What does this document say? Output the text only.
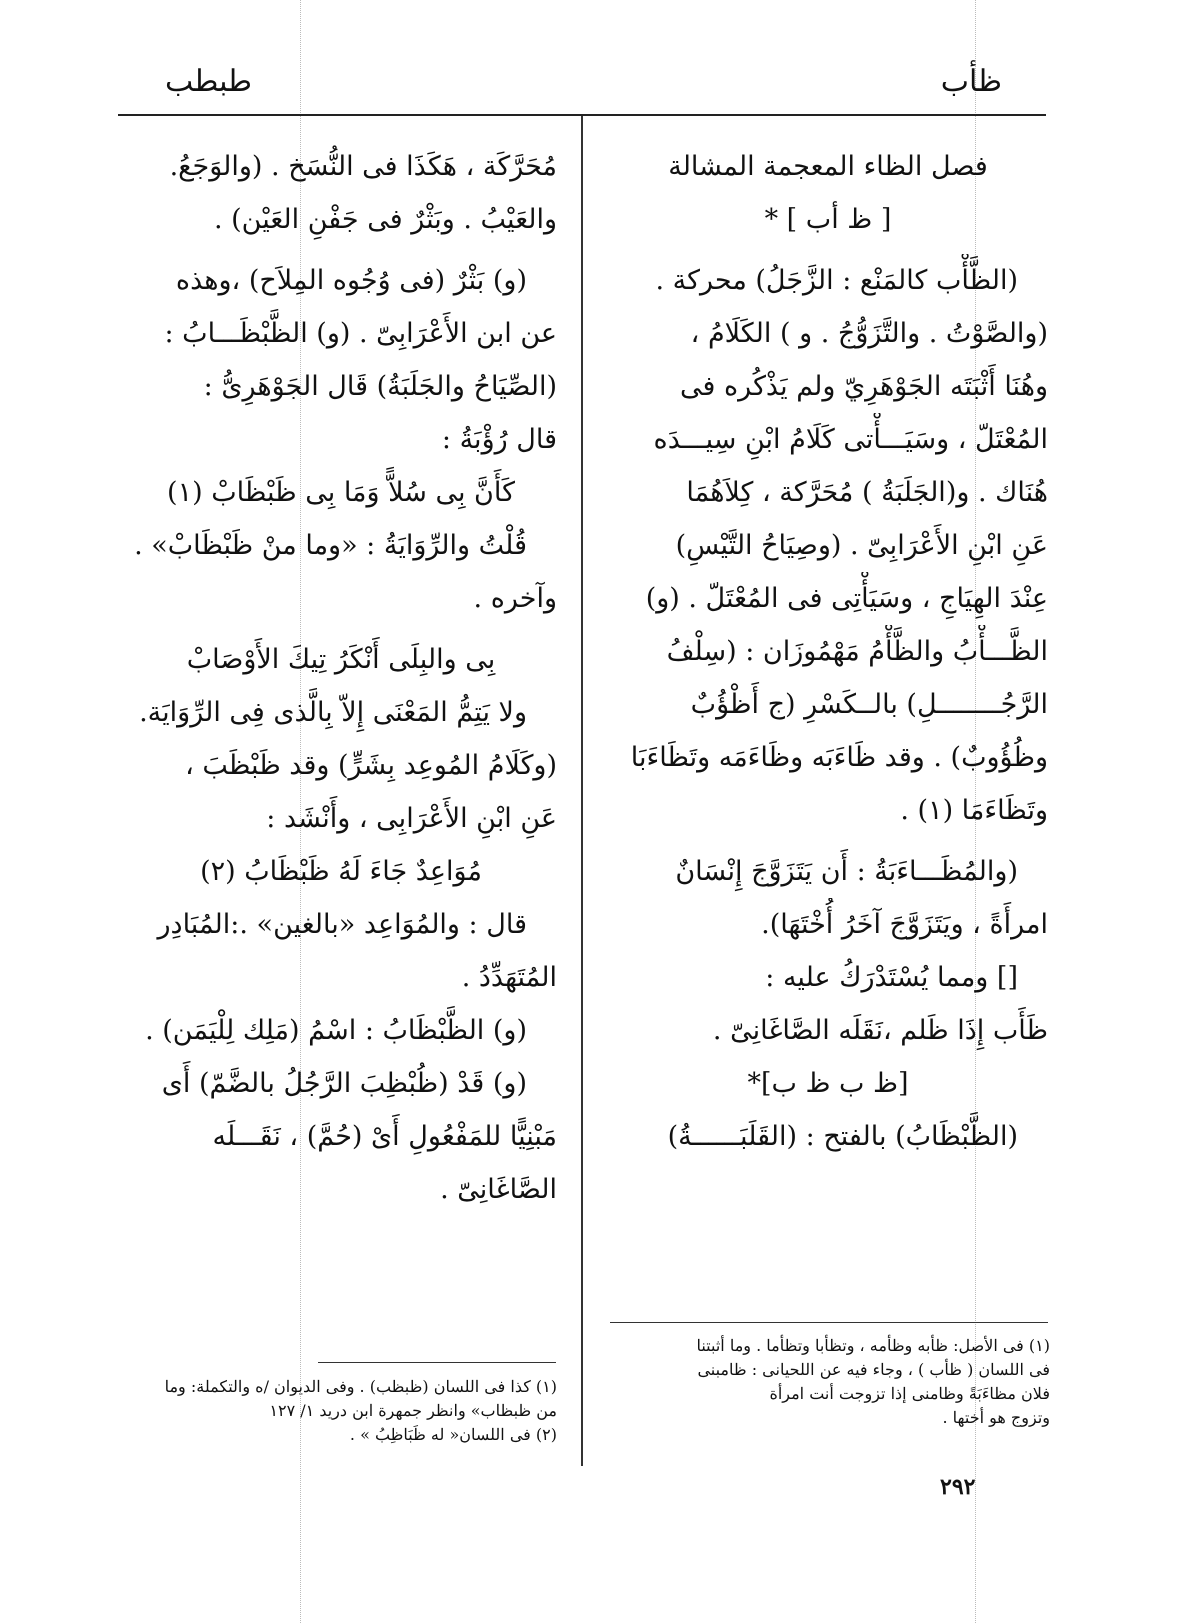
ظأب
طبطب
فصل الظاء المعجمة المشالة
[ ظ أب ] ‍‍‍‍‍‍‍‍‍*
(الظَّأْب كالمَنْع : الزَّجَلُ) محركة .
(والصَّوْتُ . والتَّزَوُّجُ . و ) الكَلَامُ ،
وهُنَا أَثْبَتَه الجَوْهَرِيّ ولم يَذْكُره فى
المُعْتَلّ ، وسَيَـــأْتى كَلَامُ ابْنِ سِيـــدَه
هُنَاك . و(الجَلَبَةُ ) مُحَرَّكة ، كِلاَهُمَا
عَنِ ابْنِ الأَعْرَابِىّ . (وصِيَاحُ التَّيْسِ)
عِنْدَ الهِيَاجِ ، وسَيَأْتِى فى المُعْتَلّ . (و)
الظَّـــأْبُ والظَّأْمُ مَهْمُوزَان : (سِلْفُ
الرَّجُــــــــلِ) بالــكَسْرِ (ج أَظْؤُبٌ
وظُؤُوبٌ) . وقد ظَاءَبَه وظَاءَمَه وتَظَاءَبَا
وتَظَاءَمَا (١) .
(والمُظَـــاءَبَةُ : أَن يَتَزَوَّجَ إِنْسَانٌ
امرأَةً ، ويَتَزَوَّجَ آخَرُ أُخْتَهَا).
[] ومما يُسْتَدْرَكُ عليه :
ظَأَب إِذَا ظَلم ،نَقَلَه الصَّاغَانِىّ .
[ظ ب ظ ب]*
(الظَّبْظَابُ) بالفتح : (القَلَبَــــــةُ)
(١) فى الأصل: ظأبه وظأمه ، وتظأبا وتظأما . وما أثبتنا
فى اللسان ( ظأب ) ، وجاء فيه عن اللحيانى : ظامبنى
فلان مظاءَبَةً وظامنى إذا تزوجت أنت امرأة
وتزوج هو أختها .
مُحَرَّكَة ، هَكَذَا فى النُّسَخ . (والوَجَعُ.
والعَيْبُ . وبَثْرٌ فى جَفْنِ العَيْن) .
(و) بَثْرٌ (فى وُجُوه المِلاَح) ،وهذه
عن ابن الأَعْرَابِىّ . (و) الظَّبْظَـــابُ :
(الصِّيَاحُ والجَلَبَةُ) قَال الجَوْهَرِىُّ :
قال رُؤْبَةُ :
كَأَنَّ بِى سُلاًّ وَمَا بِى ظَبْظَابْ (١)
قُلْتُ والرِّوَايَةُ : «وما منْ ظَبْظَابْ» .
وآخره .
بِى والبِلَى أَنْكَرُ تِيكَ الأَوْصَابْ
ولا يَتِمُّ المَعْنَى إِلاّ بِالَّذى فِى الرِّوَايَة.
(وكَلَامُ المُوعِد بِشَرٍّ) وقد ظَبْظَبَ ،
عَنِ ابْنِ الأَعْرَابِى ، وأَنْشَد :
مُوَاعِدٌ جَاءَ لَهُ ظَبْظَابُ (٢)
قال : والمُوَاعِد «بالغين» .:المُبَادِر
المُتَهَدِّدُ .
(و) الظَّبْظَابُ : اسْمُ (مَلِك لِلْيَمَن) .
(و) قَدْ (ظُبْظِبَ الرَّجُلُ بالضَّمّ) أَى
مَبْنِيًّا للمَفْعُولِ أَىْ (حُمَّ) ، نَقَـــلَه
الصَّاغَانِىّ .
(١) كذا فى اللسان (ظبظب) . وفى الديوان /ه والتكملة: وما
من ظبظاب» وانظر جمهرة ابن دريد ١/ ١٢٧
(٢) فى اللسان« له ظَبَاظِبُ » .
٢٩٢
